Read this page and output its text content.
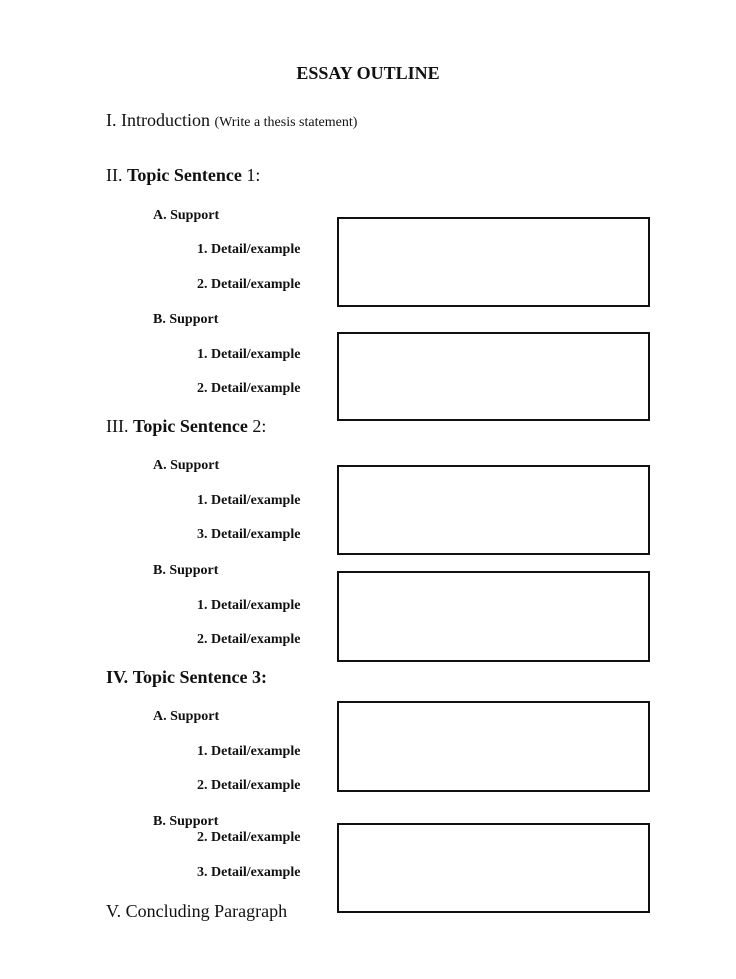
ESSAY OUTLINE
I. Introduction (Write a thesis statement)
II. Topic Sentence 1:
A. Support
1. Detail/example
2. Detail/example
B. Support
1. Detail/example
2. Detail/example
III. Topic Sentence 2:
A. Support
1. Detail/example
3. Detail/example
B. Support
1. Detail/example
2. Detail/example
IV. Topic Sentence 3:
A. Support
1. Detail/example
2. Detail/example
B. Support
2. Detail/example
3. Detail/example
V. Concluding Paragraph
